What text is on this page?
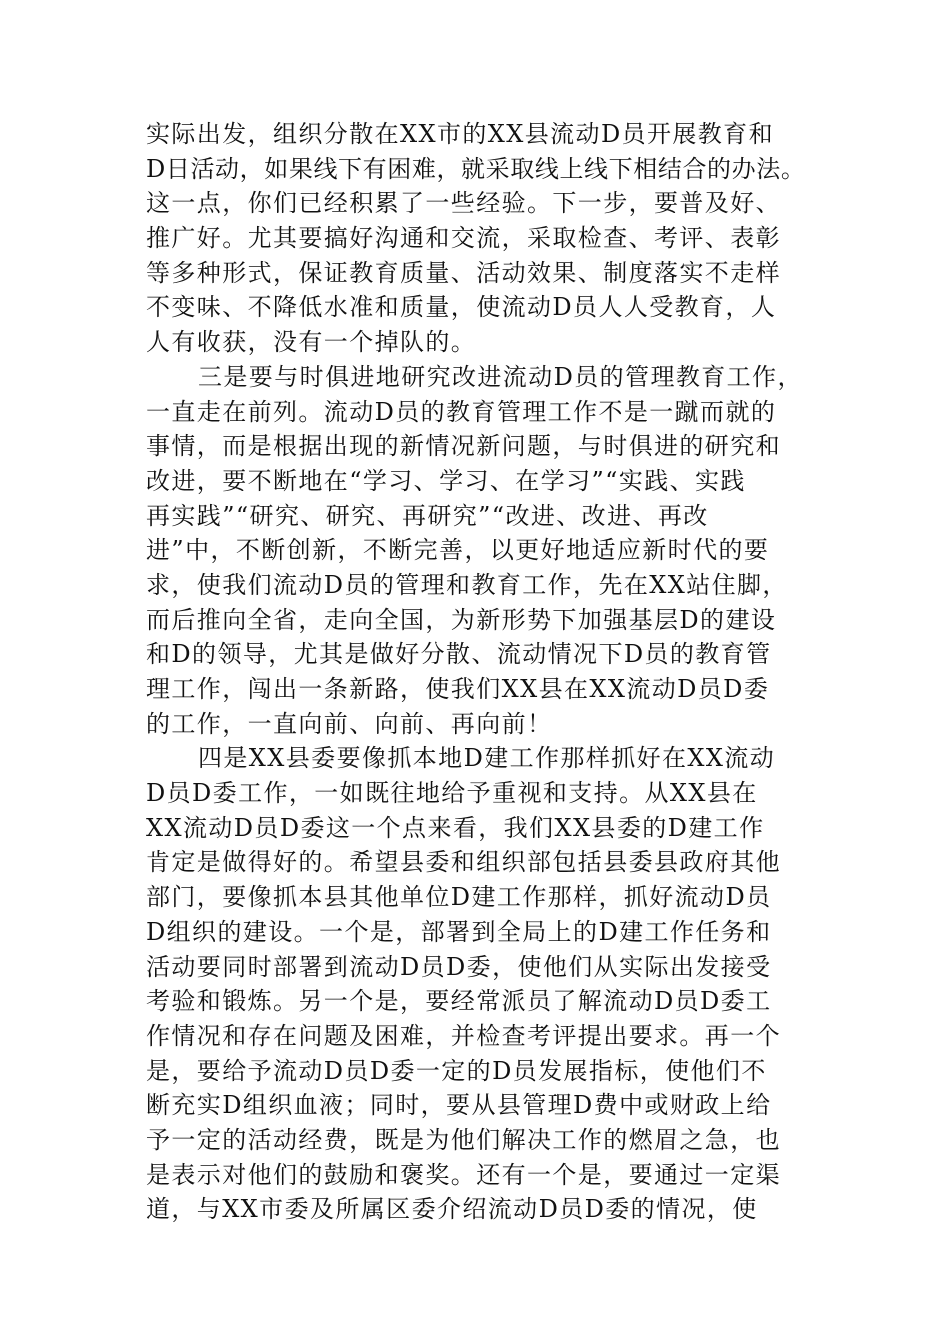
实际出发，组织分散在XX市的XX县流动D员开展教育和
D日活动，如果线下有困难，就采取线上线下相结合的办法。
这一点，你们已经积累了一些经验。下一步，要普及好、
推广好。尤其要搞好沟通和交流，采取检查、考评、表彰
等多种形式，保证教育质量、活动效果、制度落实不走样
不变味、不降低水准和质量，使流动D员人人受教育，人
人有收获，没有一个掉队的。
三是要与时俱进地研究改进流动D员的管理教育工作，
一直走在前列。流动D员的教育管理工作不是一蹴而就的
事情，而是根据出现的新情况新问题，与时俱进的研究和
改进，要不断地在“学习、学习、在学习”“实践、实践
再实践”“研究、研究、再研究”“改进、改进、再改
进”中，不断创新，不断完善，以更好地适应新时代的要
求，使我们流动D员的管理和教育工作，先在XX站住脚，
而后推向全省，走向全国，为新形势下加强基层D的建设
和D的领导，尤其是做好分散、流动情况下D员的教育管
理工作，闯出一条新路，使我们XX县在XX流动D员D委
的工作，一直向前、向前、再向前！
四是XX县委要像抓本地D建工作那样抓好在XX流动
D员D委工作，一如既往地给予重视和支持。从XX县在
XX流动D员D委这一个点来看，我们XX县委的D建工作
肯定是做得好的。希望县委和组织部包括县委县政府其他
部门，要像抓本县其他单位D建工作那样，抓好流动D员
D组织的建设。一个是，部署到全局上的D建工作任务和
活动要同时部署到流动D员D委，使他们从实际出发接受
考验和锻炼。另一个是，要经常派员了解流动D员D委工
作情况和存在问题及困难，并检查考评提出要求。再一个
是，要给予流动D员D委一定的D员发展指标，使他们不
断充实D组织血液；同时，要从县管理D费中或财政上给
予一定的活动经费，既是为他们解决工作的燃眉之急，也
是表示对他们的鼓励和褒奖。还有一个是，要通过一定渠
道，与XX市委及所属区委介绍流动D员D委的情况，使
